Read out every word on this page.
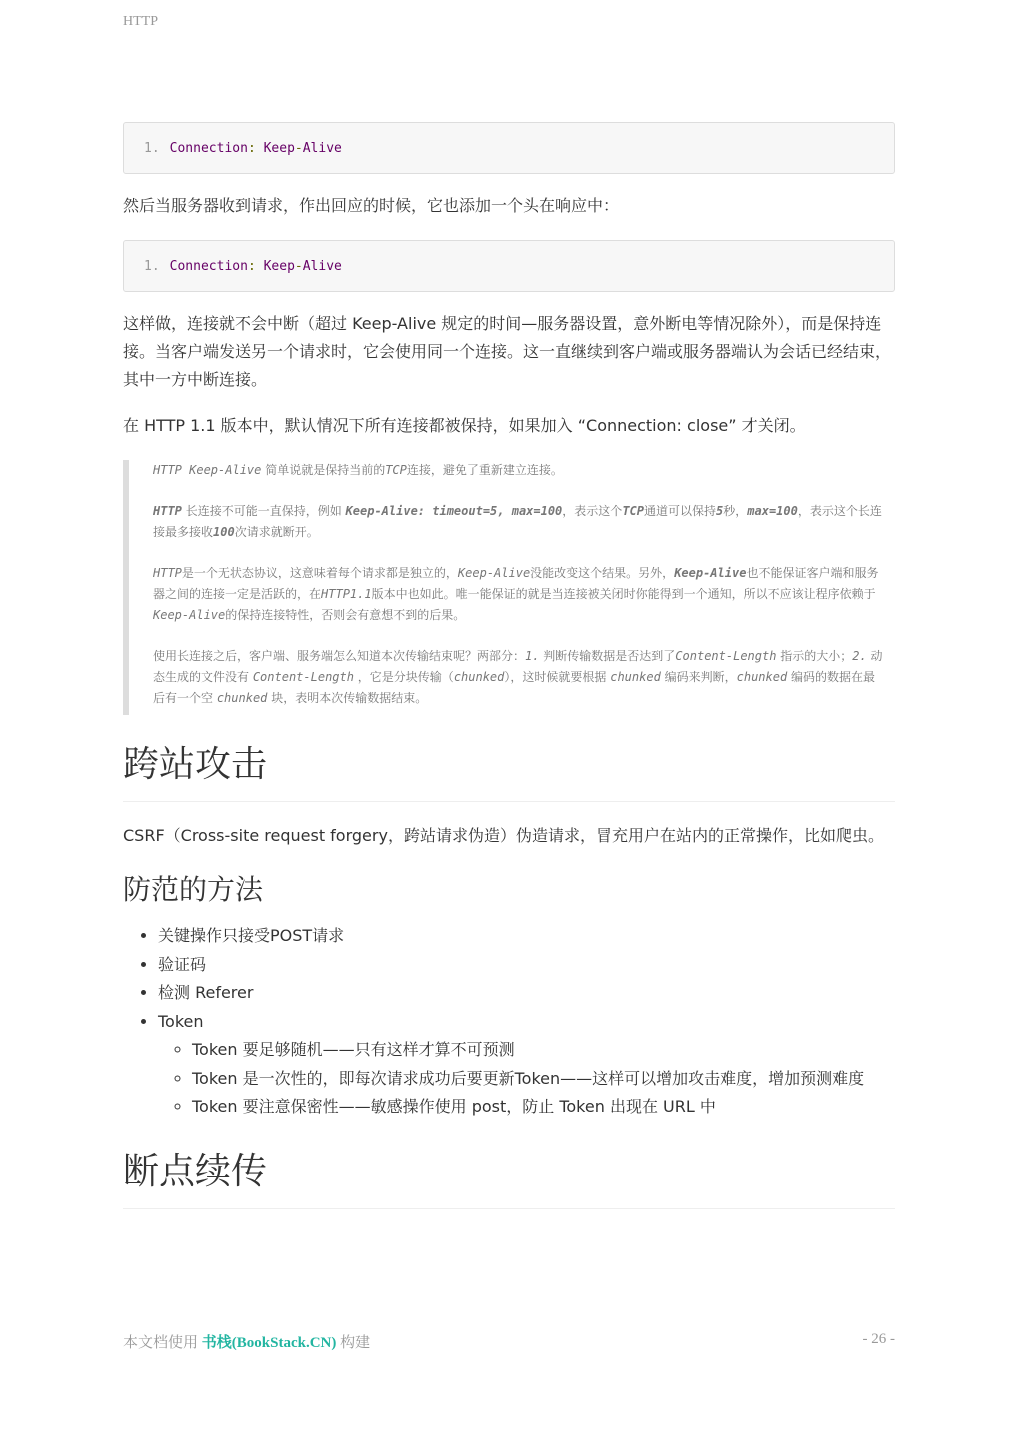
HTTP
1. Connection :
Keep - Alive

然后当服务器收到请求，作出回应的时候，它也添加一个头在响应中：

1. Connection :
Keep - Alive

这样做，连接就不会中断（超过 Keep-Alive 规定的时间—服务器设置，意外断电等情况除外），而是保持连接。当客户端发送另一个请求时，它会使用同一个连接。这一直继续到客户端或服务器端认为会话已经结束，其中一方中断连接。

在 HTTP 1.1 版本中，默认情况下所有连接都被保持，如果加入 “Connection: close” 才关闭。

HTTP Keep-Alive 简单说就是保持当前的TCP连接，避免了重新建立连接。

HTTP 长连接不可能一直保持，例如 Keep-Alive: timeout=5, max=100，表示这个TCP通道可以保持5秒，max=100，表示这个长连接最多接收100次请求就断开。

HTTP是一个无状态协议，这意味着每个请求都是独立的，Keep-Alive没能改变这个结果。另外，Keep-Alive也不能保证客户端和服务器之间的连接一定是活跃的，在HTTP1.1版本中也如此。唯一能保证的就是当连接被关闭时你能得到一个通知，所以不应该让程序依赖于Keep-Alive的保持连接特性，否则会有意想不到的后果。

使用长连接之后，客户端、服务端怎么知道本次传输结束呢？两部分：1. 判断传输数据是否达到了Content-Length 指示的大小；2. 动态生成的文件没有 Content-Length ，它是分块传输（chunked），这时候就要根据 chunked 编码来判断，chunked 编码的数据在最后有一个空 chunked 块，表明本次传输数据结束。

跨站攻击

CSRF（Cross-site request forgery，跨站请求伪造）伪造请求，冒充用户在站内的正常操作，比如爬虫。

防范的方法
• 关键操作只接受POST请求
• 验证码
• 检测 Referer
• Token
◦ Token 要足够随机——只有这样才算不可预测
◦ Token 是一次性的，即每次请求成功后要更新Token——这样可以增加攻击难度，增加预测难度
◦ Token 要注意保密性——敏感操作使用 post，防止 Token 出现在 URL 中
断点续传
本文档使用 书栈(BookStack.CN) 构建	- 26 -
